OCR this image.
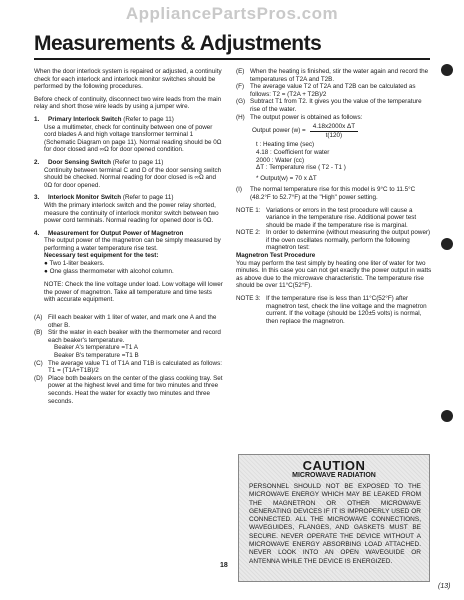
AppliancePartsPros.com
Measurements & Adjustments

When the door interlock system is repaired or adjusted, a continuity check for each interlock and interlock monitor switches should be performed by the following procedures.

Before check of continuity, disconnect two wire leads from the main relay and short those wire leads by using a jumper wire.

1.	Primary Interlock Switch (Refer to page 11)
Use a multimeter, check for continuity between one of power cord blades A and high voltage transformer terminal 1 (Schematic Diagram on page 11). Normal reading should be 0Ω for door closed and ∞Ω for door opened condition.
2.	Door Sensing Switch (Refer to page 11)
Continuity between terminal C and D of the door sensing switch should be checked. Normal reading for door closed is ∞Ω and 0Ω for door opened.
3.	Interlock Monitor Switch (Refer to page 11)
With the primary interlock switch and the power relay shorted, measure the continuity of interlock monitor switch between two power cord terminals. Normal reading for opened door is 0Ω.
4.	Measurement for Output Power of Magnetron
The output power of the magnetron can be simply measured by performing a water temperature rise test.
Necessary test equipment for the test:
● Two 1-liter beakers.
● One glass thermometer with alcohol column.

NOTE: Check the line voltage under load. Low voltage will lower the power of magnetron. Take all temperature and time tests with accurate equipment.

(A) Fill each beaker with 1 liter of water, and mark one A and the other B.
(B) Stir the water in each beaker with the thermometer and record each beaker's temperature.
Beaker A's temperature =T1 A
Beaker B's temperature =T1 B
(C) The average value T1 of T1A and T1B is calculated as follows: T1 = (T1A+T1B)/2
(D) Place both beakers on the center of the glass cooking tray. Set power at the highest level and time for two minutes and three seconds. Heat the water for exactly two minutes and three seconds.
(E) When the heating is finished, stir the water again and record the temperatures of T2A and T2B.
(F) The average value T2 of T2A and T2B can be calculated as follows: T2 = (T2A + T2B)/2
(G) Subtract T1 from T2. It gives you the value of the temperature rise of the water.
(H) The output power is obtained as follows:
Output power $(w) = \frac{\text{4.18x2000x ΔT}}{t(120)}$
t : Heating time (sec)
4.18 : Coefficient for water
2000 : Water (cc)
ΔT : Temperature rise ( T2 - T1 )
* Output(w) = 70 x ΔT
(I)	The normal temperature rise for this model is 9°C to 11.5°C (48.2°F to 52.7°F) at the "High" power setting.
NOTE 1: Variations or errors in the test procedure will cause a variance in the temperature rise. Additional power test should be made if the temperature rise is marginal.
NOTE 2: In order to determine (without measuring the output power) if the oven oscillates normally, perform the following magnetron test:
Magnetron Test Procedure
You may perform the test simply by heating one liter of water for two minutes. In this case you can not get exactly the power output in watts as above due to the microwave characteristic. The temperature rise should be over 11°C(52°F).
NOTE 3: If the temperature rise is less than 11°C(52°F) after magnetron test, check the line voltage and the magnetron current. If the voltage (should be 120±5 volts) is normal, then replace the magnetron.
CAUTION
MICROWAVE RADIATION
PERSONNEL SHOULD NOT BE EXPOSED TO THE MICROWAVE ENERGY WHICH MAY BE LEAKED FROM THE MAGNETRON OR OTHER MICROWAVE GENERATING DEVICES IF IT IS IMPROPERLY USED OR CONNECTED. ALL THE MICROWAVE CONNECTIONS, WAVEGUIDES, FLANGES, AND GASKETS MUST BE SECURE. NEVER OPERATE THE DEVICE WITHOUT A MICROWAVE ENERGY ABSORBING LOAD ATTACHED. NEVER LOOK INTO AN OPEN WAVEGUIDE OR ANTENNA WHILE THE DEVICE IS ENERGIZED.
18
(13)
